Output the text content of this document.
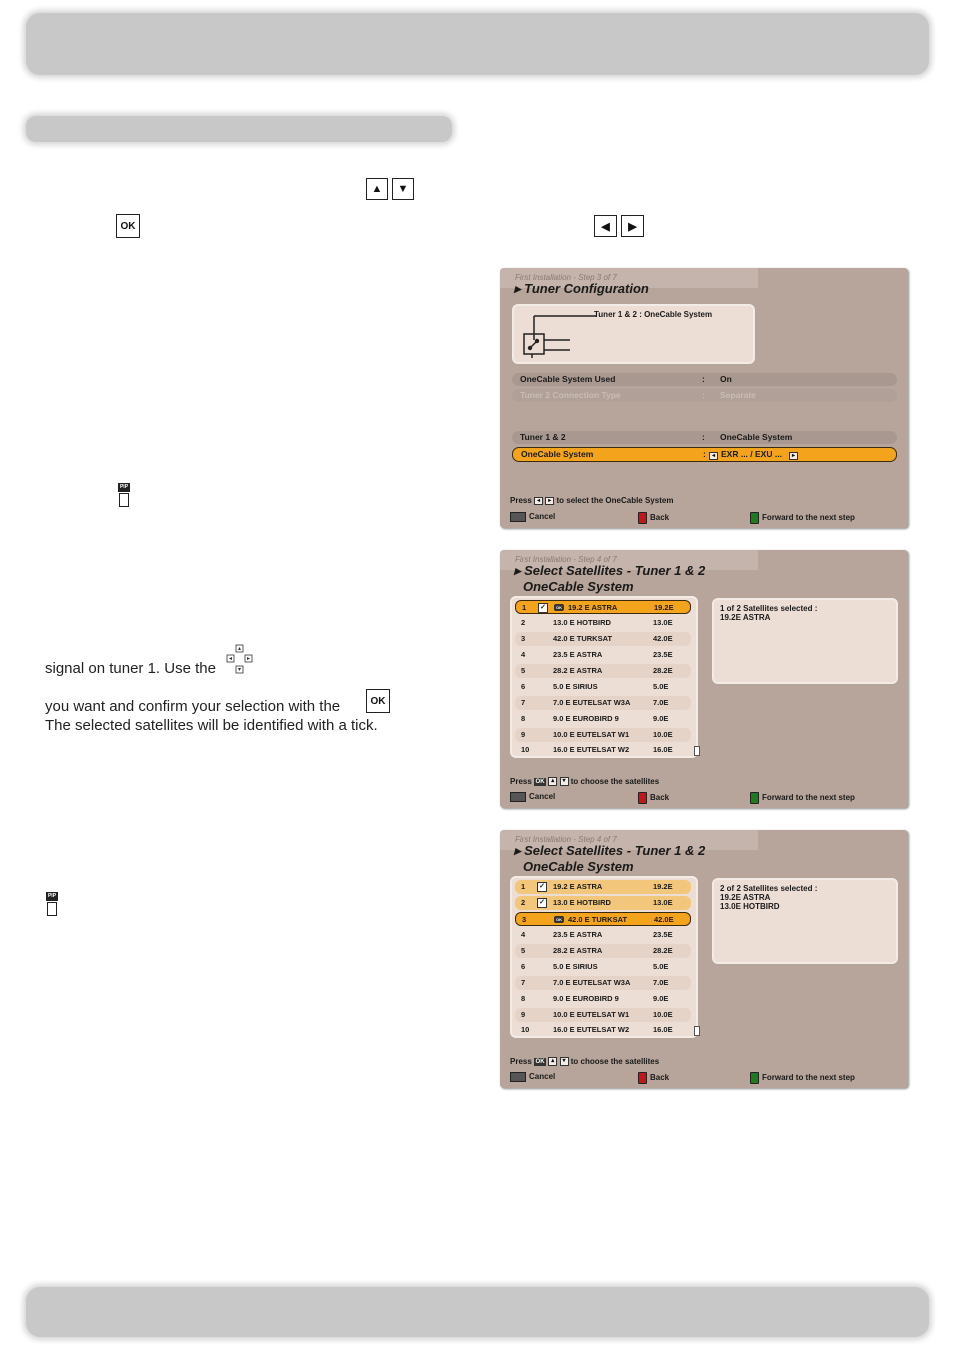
▲	▼
OK	◀	▶
PIP
signal on tuner 1. Use the
you want and confirm your selection with the	OK
The selected satellites will be identified with a tick.
PIP
First Installation - Step 3 of 7
▸ Tuner Configuration
Tuner 1 & 2 : OneCable System
OneCable System Used	: On
Tuner 2 Connection Type	: Separate
Tuner 1 & 2	: OneCable System
OneCable System	:	◂ EXR ... / EXU ...	▸
Press ◂ ▸ to select the OneCable System
Cancel	Back	Forward to the next step
First Installation - Step 4 of 7
▸ Select Satellites - Tuner 1 & 2
OneCable System
1 ✓	OK 19.2 E ASTRA	19.2E
2	13.0 E HOTBIRD	13.0E
3	42.0 E TURKSAT	42.0E
4	23.5 E ASTRA	23.5E
5	28.2 E ASTRA	28.2E
6	5.0 E SIRIUS	5.0E
7	7.0 E EUTELSAT W3A	7.0E
8	9.0 E EUROBIRD 9	9.0E
9	10.0 E EUTELSAT W1	10.0E
10	16.0 E EUTELSAT W2	16.0E
1 of 2 Satellites selected :
19.2E ASTRA
Press OK ▴ ▾ to choose the satellites
Cancel	Back	Forward to the next step
First Installation - Step 4 of 7
▸ Select Satellites - Tuner 1 & 2
OneCable System
1 ✓ 19.2 E ASTRA	19.2E
2 ✓ 13.0 E HOTBIRD	13.0E
3	OK 42.0 E TURKSAT	42.0E
4	23.5 E ASTRA	23.5E
5	28.2 E ASTRA	28.2E
6	5.0 E SIRIUS	5.0E
7	7.0 E EUTELSAT W3A	7.0E
8	9.0 E EUROBIRD 9	9.0E
9	10.0 E EUTELSAT W1	10.0E
10	16.0 E EUTELSAT W2	16.0E
2 of 2 Satellites selected :
19.2E ASTRA
13.0E HOTBIRD
Press OK ▴ ▾ to choose the satellites
Cancel	Back	Forward to the next step
